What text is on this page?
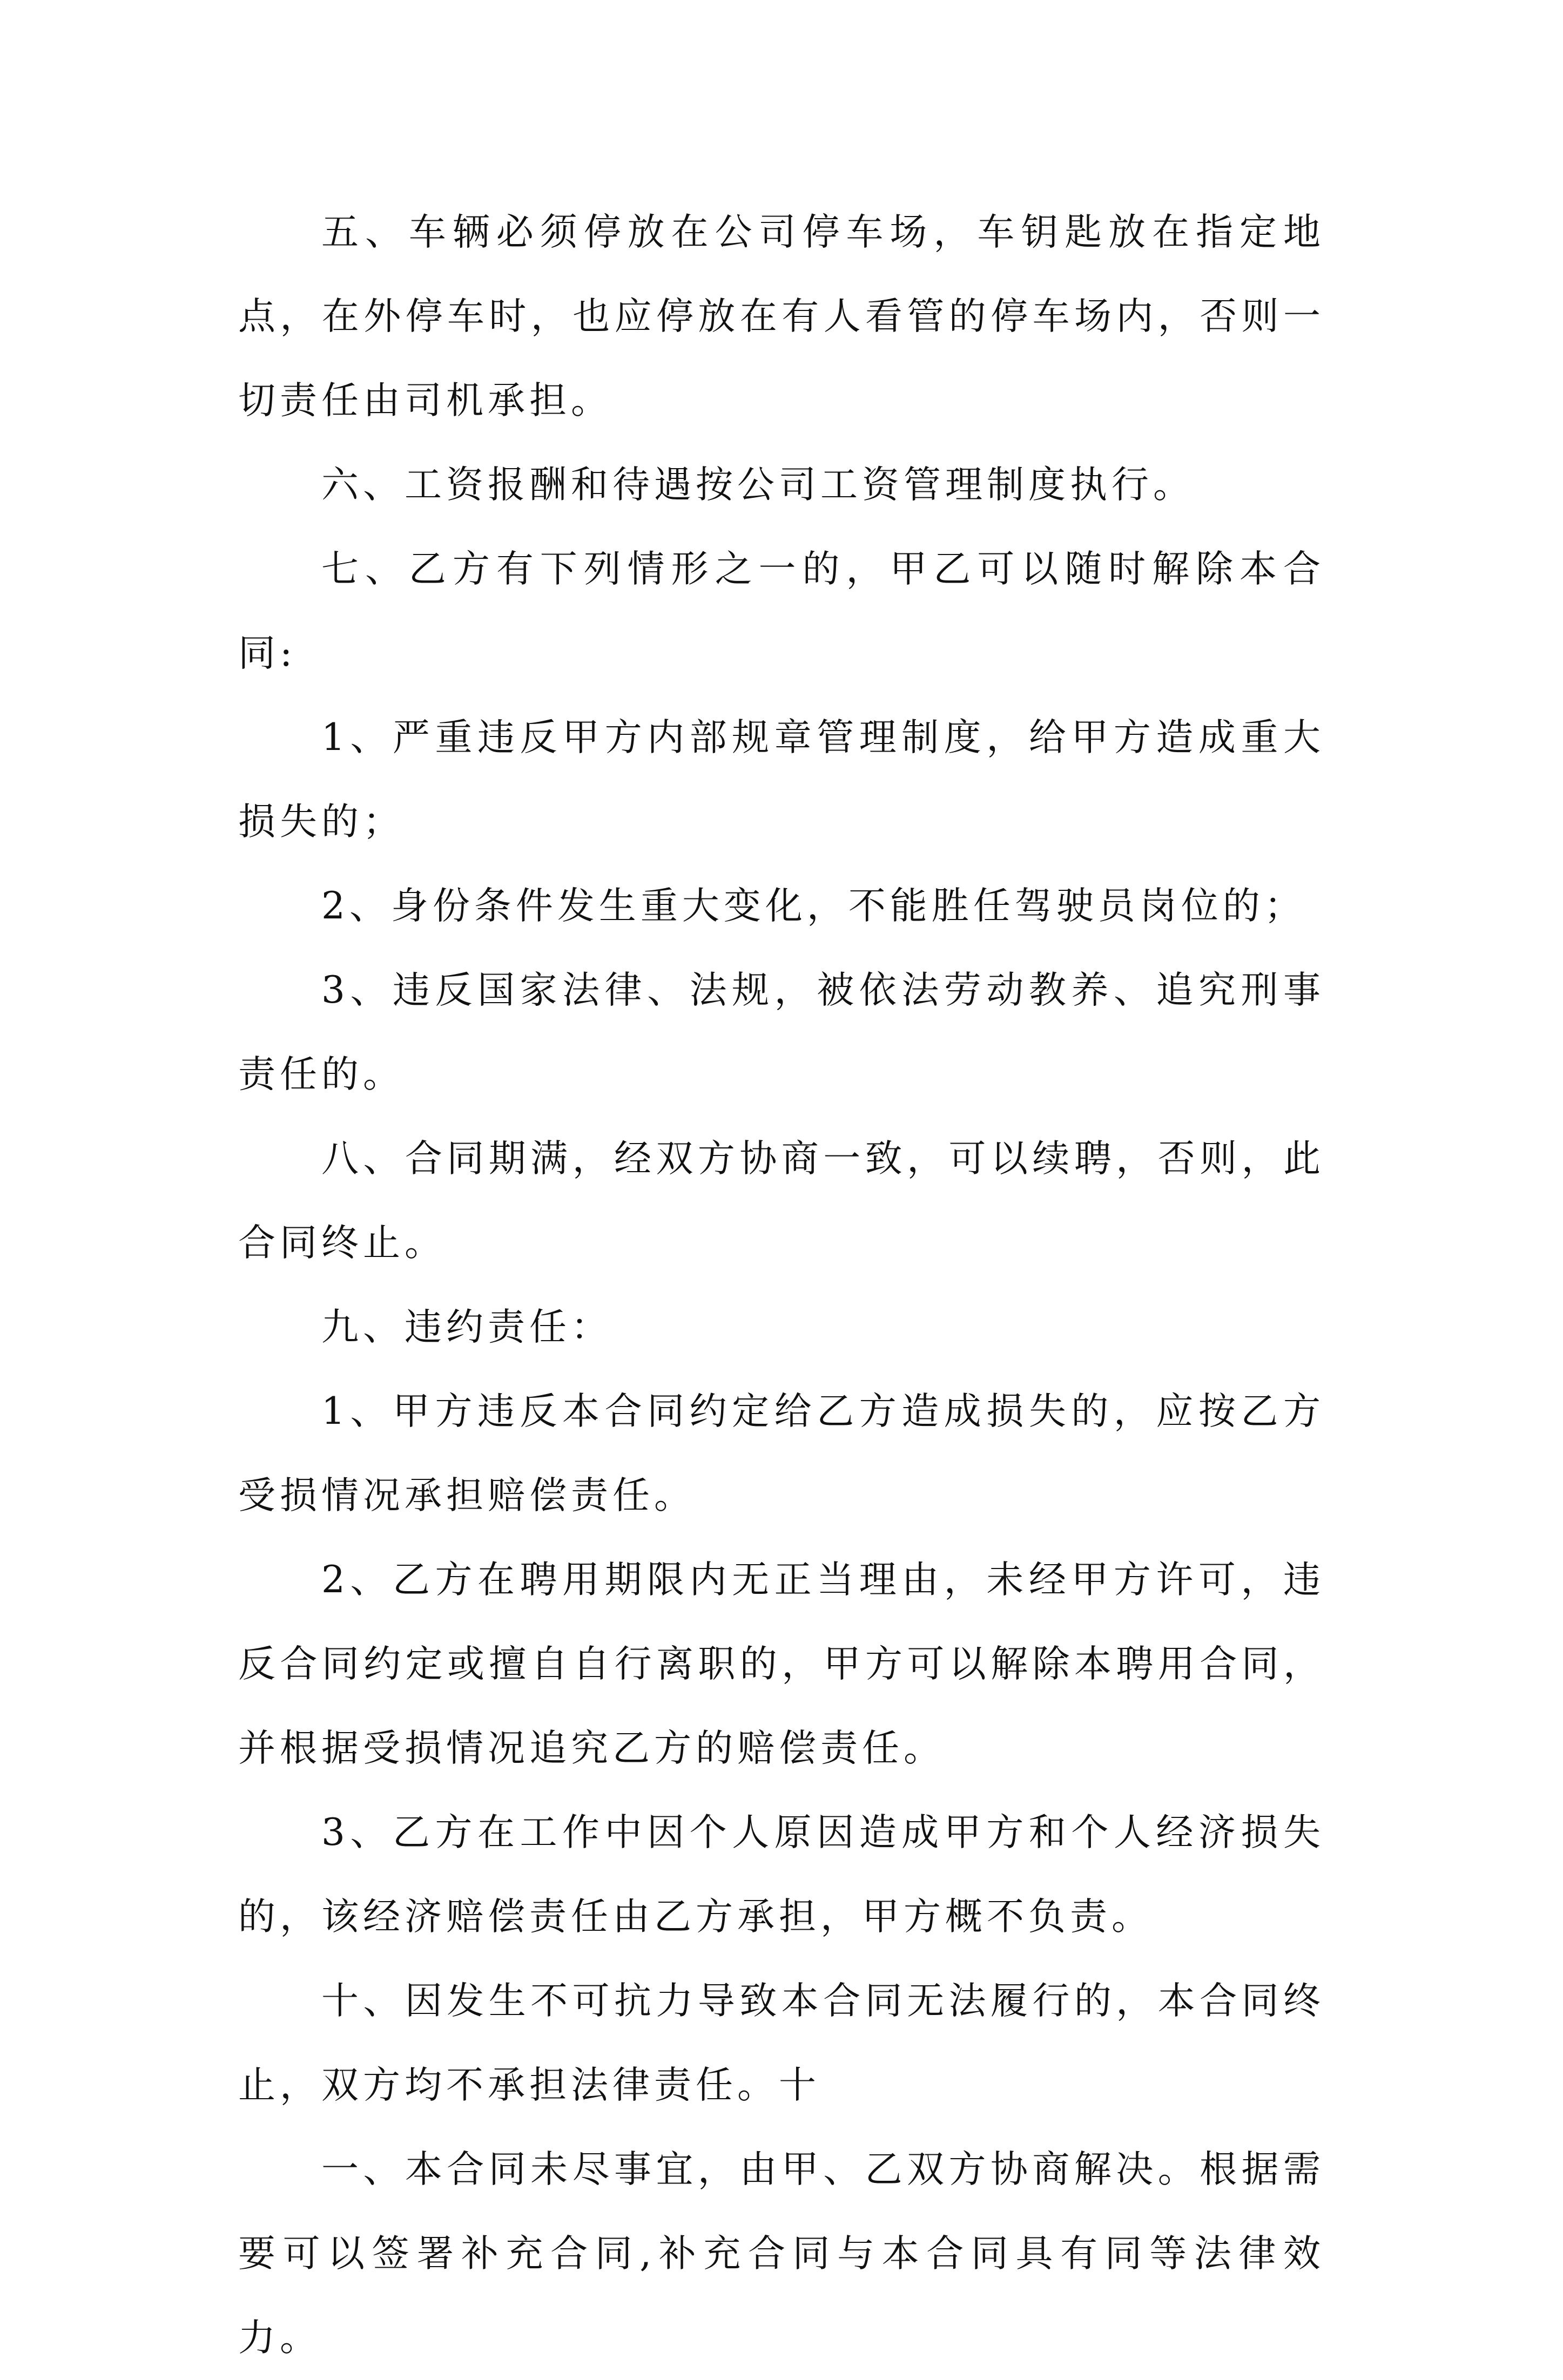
五、车辆必须停放在公司停车场，车钥匙放在指定地点，在外停车时，也应停放在有人看管的停车场内，否则一切责任由司机承担。

六、工资报酬和待遇按公司工资管理制度执行。

七、乙方有下列情形之一的，甲乙可以随时解除本合同:

1、严重违反甲方内部规章管理制度，给甲方造成重大损失的；

2、身份条件发生重大变化，不能胜任驾驶员岗位的；

3、违反国家法律、法规，被依法劳动教养、追究刑事责任的。

八、合同期满，经双方协商一致，可以续聘，否则，此合同终止。

九、违约责任：

1、甲方违反本合同约定给乙方造成损失的，应按乙方受损情况承担赔偿责任。

2、乙方在聘用期限内无正当理由，未经甲方许可，违反合同约定或擅自自行离职的，甲方可以解除本聘用合同，并根据受损情况追究乙方的赔偿责任。

3、乙方在工作中因个人原因造成甲方和个人经济损失的，该经济赔偿责任由乙方承担，甲方概不负责。

十、因发生不可抗力导致本合同无法履行的，本合同终止，双方均不承担法律责任。十

一、本合同未尽事宜，由甲、乙双方协商解决。根据需要可以签署补充合同,补充合同与本合同具有同等法律效力。
